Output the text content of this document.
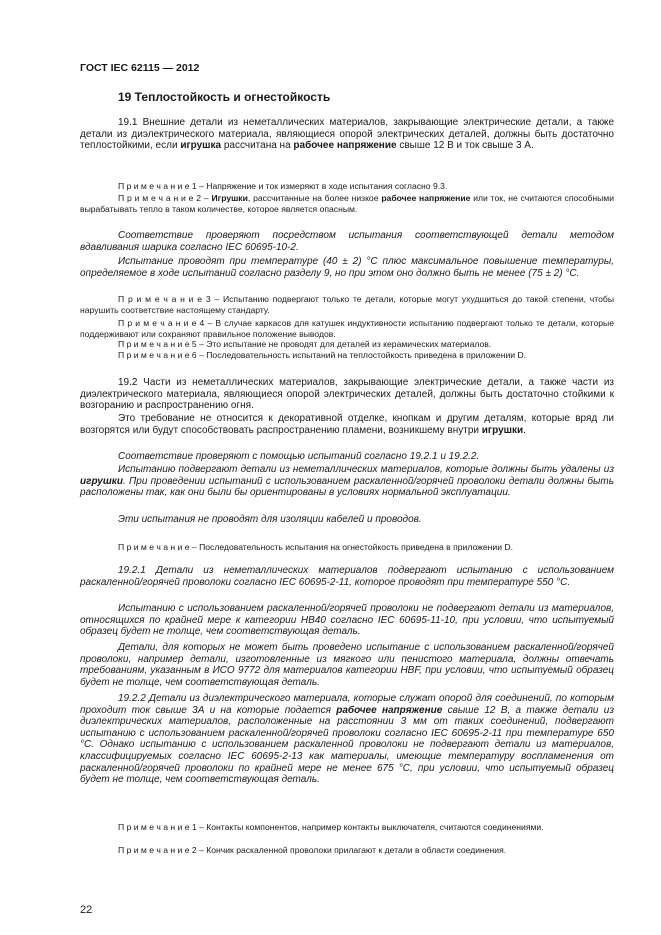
ГОСТ IEC 62115 — 2012
19 Теплостойкость и огнестойкость

19.1 Внешние детали из неметаллических материалов, закрывающие электрические детали, а также детали из диэлектрического материала, являющиеся опорой электрических деталей, должны быть достаточно теплостойкими, если игрушка рассчитана на рабочее напряжение свыше 12 В и ток свыше 3 А.

П р и м е ч а н и е 1 – Напряжение и ток измеряют в ходе испытания согласно 9.3.

П р и м е ч а н и е 2 – Игрушки, рассчитанные на более низкое рабочее напряжение или ток, не считаются способными вырабатывать тепло в таком количестве, которое является опасным.

Соответствие проверяют посредством испытания соответствующей детали методом вдавливания шарика согласно IEC 60695-10-2.

Испытание проводят при температуре (40 ± 2) °С плюс максимальное повышение температуры, определяемое в ходе испытаний согласно разделу 9, но при этом оно должно быть не менее (75 ± 2) °С.

П р и м е ч а н и е 3 – Испытанию подвергают только те детали, которые могут ухудшиться до такой степени, чтобы нарушить соответствие настоящему стандарту.

П р и м е ч а н и е 4 – В случае каркасов для катушек индуктивности испытанию подвергают только те детали, которые поддерживают или сохраняют правильное положение выводов.

П р и м е ч а н и е 5 – Это испытание не проводят для деталей из керамических материалов.

П р и м е ч а н и е 6 – Последовательность испытаний на теплостойкость приведена в приложении D.

19.2 Части из неметаллических материалов, закрывающие электрические детали, а также части из диэлектрического материала, являющиеся опорой электрических деталей, должны быть достаточно стойкими к возгоранию и распространению огня.

Это требование не относится к декоративной отделке, кнопкам и другим деталям, которые вряд ли возгорятся или будут способствовать распространению пламени, возникшему внутри игрушки.

Соответствие проверяют с помощью испытаний согласно 19.2.1 и 19.2.2.

Испытанию подвергают детали из неметаллических материалов, которые должны быть удалены из игрушки. При проведении испытаний с использованием раскаленной/горячей проволоки детали должны быть расположены так, как они были бы ориентированы в условиях нормальной эксплуатации.

Эти испытания не проводят для изоляции кабелей и проводов.

П р и м е ч а н и е – Последовательность испытания на огнестойкость приведена в приложении D.

19.2.1 Детали из неметаллических материалов подвергают испытанию с использованием раскаленной/горячей проволоки согласно IEC 60695-2-11, которое проводят при температуре 550 °С.

Испытанию с использованием раскаленной/горячей проволоки не подвергают детали из материалов, относящихся по крайней мере к категории HB40 согласно IEC 60695-11-10, при условии, что испытуемый образец будет не толще, чем соответствующая деталь.

Детали, для которых не может быть проведено испытание с использованием раскаленной/горячей проволоки, например детали, изготовленные из мягкого или пенистого материала, должны отвечать требованиям, указанным в ИСО 9772 для материалов категории HBF, при условии, что испытуемый образец будет не толще, чем соответствующая деталь.

19.2.2 Детали из диэлектрического материала, которые служат опорой для соединений, по которым проходит ток свыше 3А и на которые подается рабочее напряжение свыше 12 В, а также детали из диэлектрических материалов, расположенные на расстоянии 3 мм от таких соединений, подвергают испытанию с использованием раскаленной/горячей проволоки согласно IEC 60695-2-11 при температуре 650 °С. Однако испытанию с использованием раскаленной проволоки не подвергают детали из материалов, классифицируемых согласно IEC 60695-2-13 как материалы, имеющие температуру воспламенения от раскаленной/горячей проволоки по крайней мере не менее 675 °С, при условии, что испытуемый образец будет не толще, чем соответствующая деталь.

П р и м е ч а н и е 1 – Контакты компонентов, например контакты выключателя, считаются соединениями.

П р и м е ч а н и е 2 – Кончик раскаленной проволоки прилагают к детали в области соединения.

22
